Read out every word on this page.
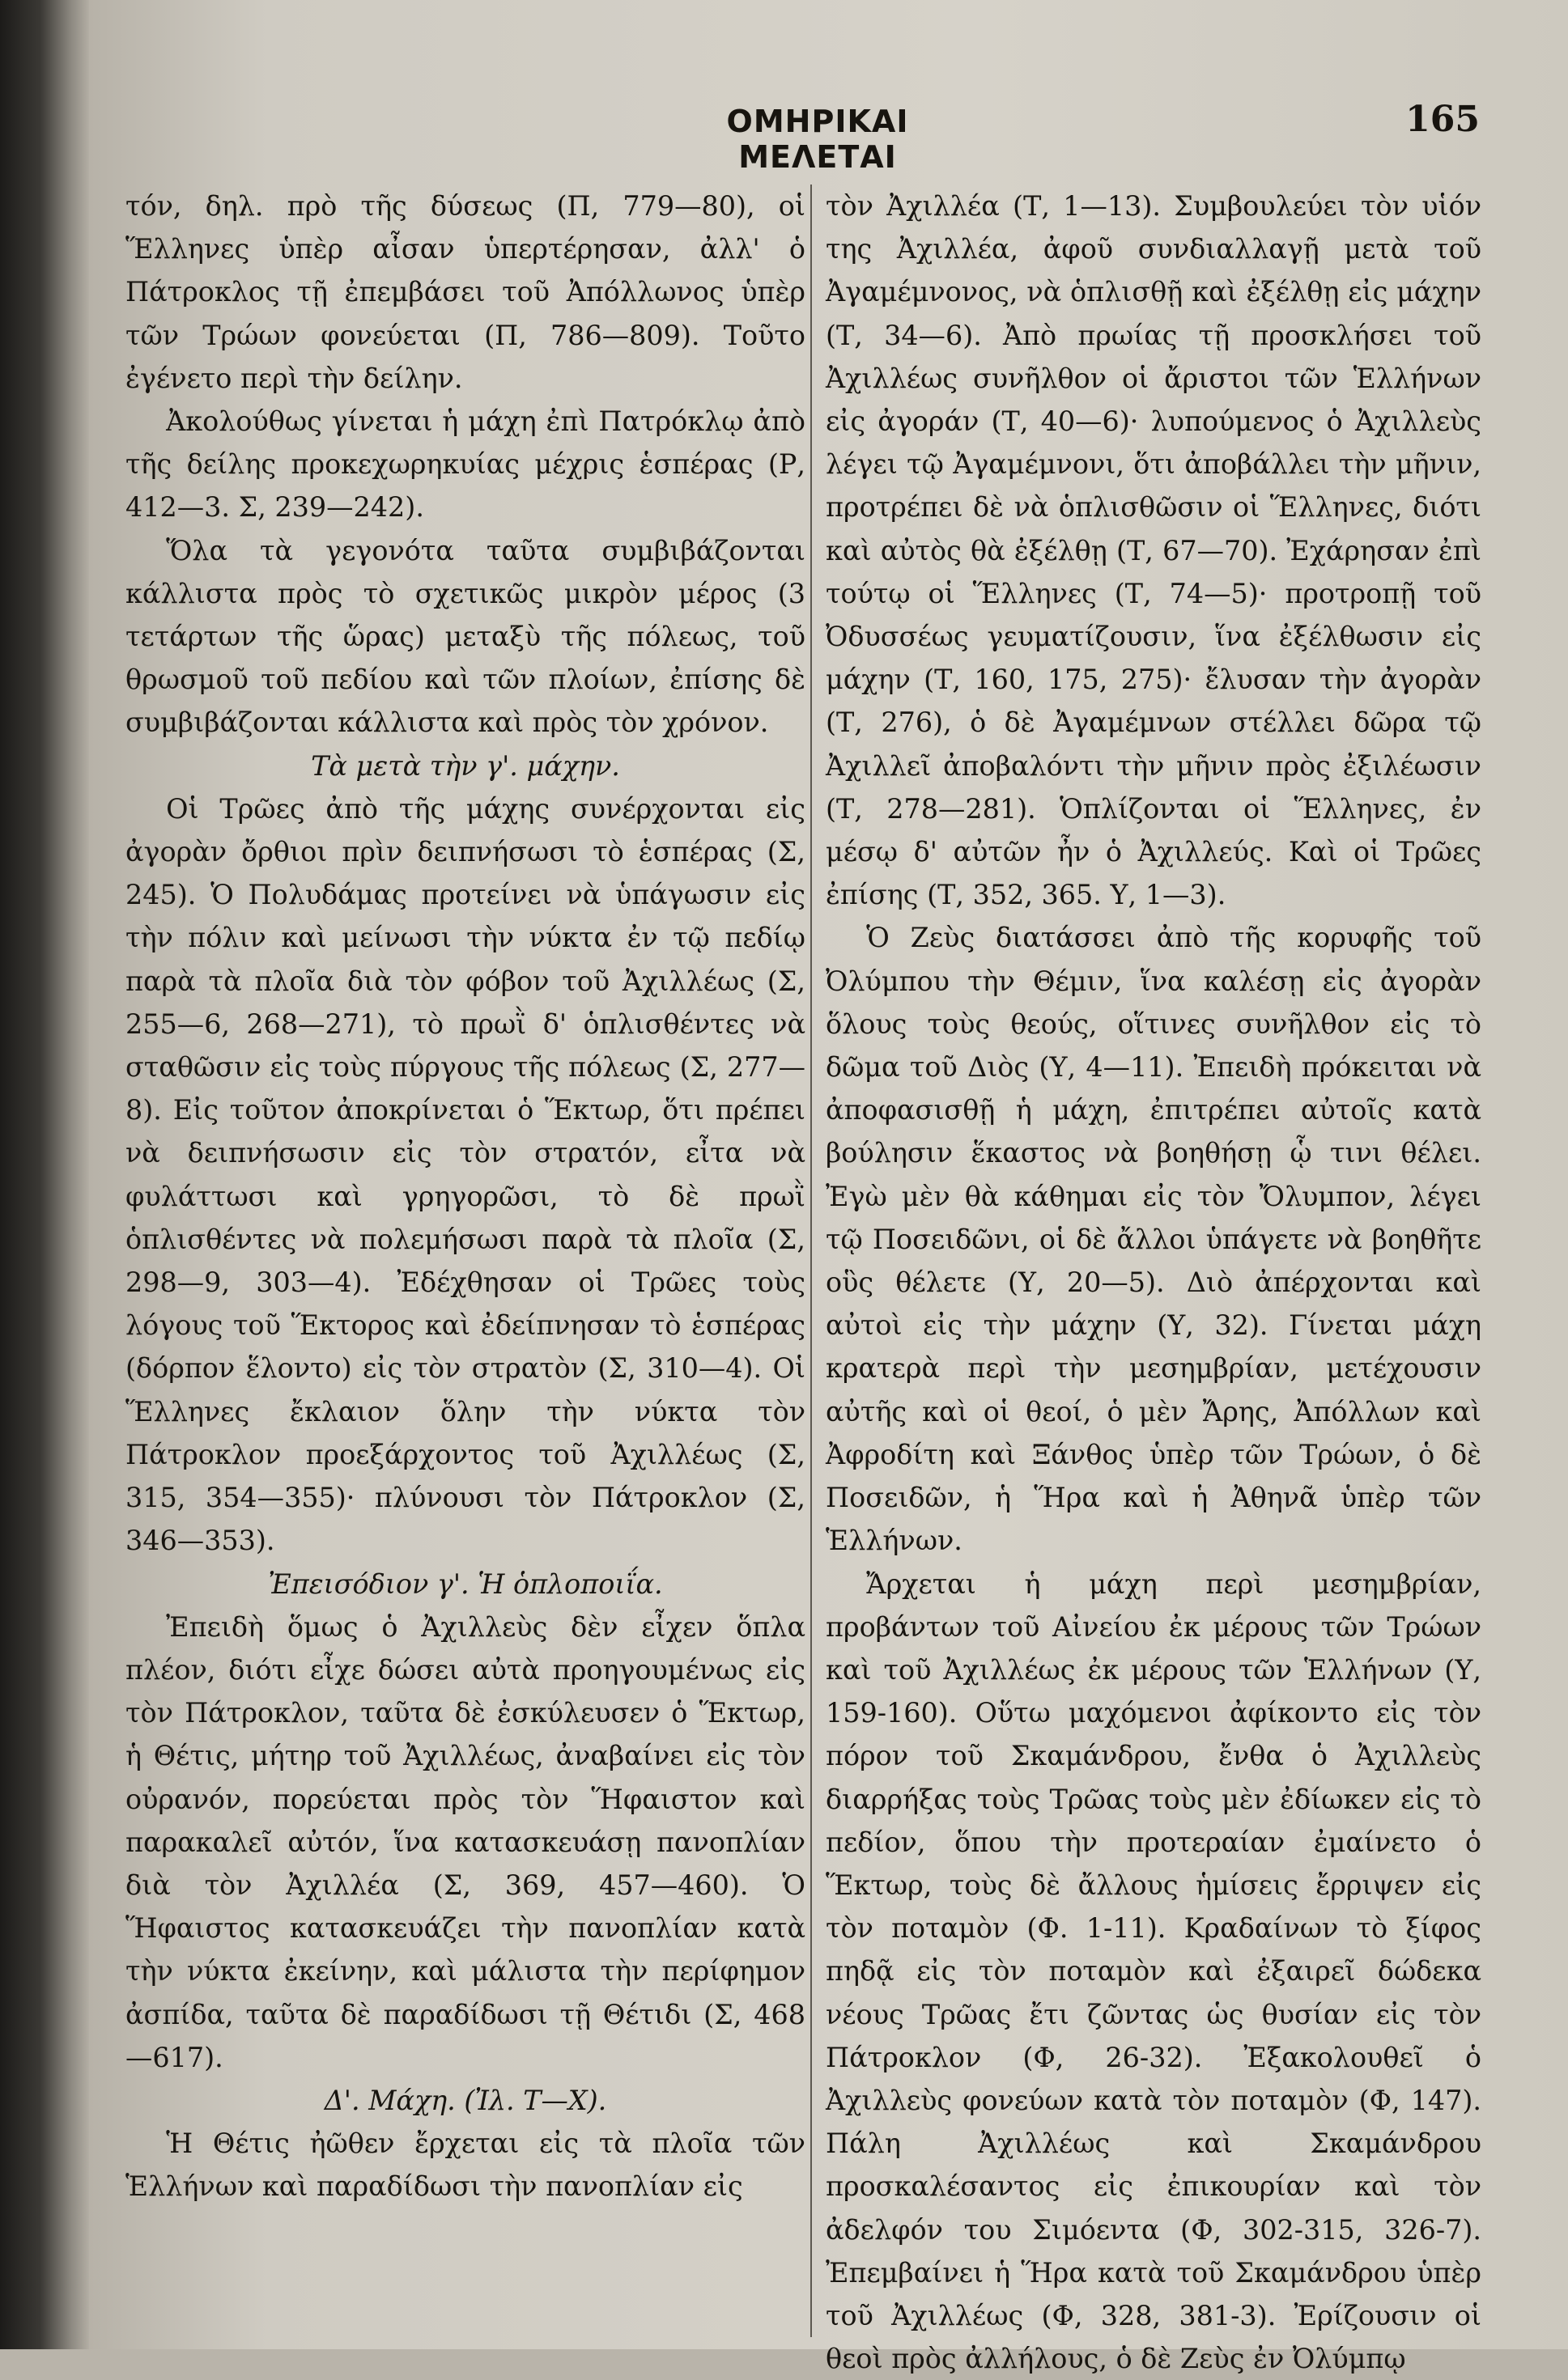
ΟΜΗΡΙΚΑΙ ΜΕΛΕΤΑΙ
165

τόν, δηλ. πρὸ τῆς δύσεως (Π, 779—80), οἱ Ἕλληνες ὑπὲρ αἶσαν ὑπερτέρησαν, ἀλλ' ὁ Πάτροκλος τῇ ἐπεμβάσει τοῦ Ἀπόλλωνος ὑπὲρ τῶν Τρώων φονεύεται (Π, 786—809). Τοῦτο ἐγένετο περὶ τὴν δείλην.

Ἀκολούθως γίνεται ἡ μάχη ἐπὶ Πατρόκλῳ ἀπὸ τῆς δείλης προκεχωρηκυίας μέχρις ἑσπέρας (Ρ, 412—3. Σ, 239—242).

Ὅλα τὰ γεγονότα ταῦτα συμβιβάζονται κάλλιστα πρὸς τὸ σχετικῶς μικρὸν μέρος (3 τετάρτων τῆς ὥρας) μεταξὺ τῆς πόλεως, τοῦ θρωσμοῦ τοῦ πεδίου καὶ τῶν πλοίων, ἐπίσης δὲ συμβιβάζονται κάλλιστα καὶ πρὸς τὸν χρόνον.

Τὰ μετὰ τὴν γ'. μάχην.

Οἱ Τρῶες ἀπὸ τῆς μάχης συνέρχονται εἰς ἀγορὰν ὄρθιοι πρὶν δειπνήσωσι τὸ ἑσπέρας (Σ, 245). Ὁ Πολυδάμας προτείνει νὰ ὑπάγωσιν εἰς τὴν πόλιν καὶ μείνωσι τὴν νύκτα ἐν τῷ πεδίῳ παρὰ τὰ πλοῖα διὰ τὸν φόβον τοῦ Ἀχιλλέως (Σ, 255—6, 268—271), τὸ πρωῒ δ' ὁπλισθέντες νὰ σταθῶσιν εἰς τοὺς πύργους τῆς πόλεως (Σ, 277—8). Εἰς τοῦτον ἀποκρίνεται ὁ Ἕκτωρ, ὅτι πρέπει νὰ δειπνήσωσιν εἰς τὸν στρατόν, εἶτα νὰ φυλάττωσι καὶ γρηγορῶσι, τὸ δὲ πρωῒ ὁπλισθέντες νὰ πολεμήσωσι παρὰ τὰ πλοῖα (Σ, 298—9, 303—4). Ἐδέχθησαν οἱ Τρῶες τοὺς λόγους τοῦ Ἕκτορος καὶ ἐδείπνησαν τὸ ἑσπέρας (δόρπον ἕλοντο) εἰς τὸν στρατὸν (Σ, 310—4). Οἱ Ἕλληνες ἔκλαιον ὅλην τὴν νύκτα τὸν Πάτροκλον προεξάρχοντος τοῦ Ἀχιλλέως (Σ, 315, 354—355)· πλύνουσι τὸν Πάτροκλον (Σ, 346—353).

Ἐπεισόδιον γ'. Ἡ ὁπλοποιΐα.

Ἐπειδὴ ὅμως ὁ Ἀχιλλεὺς δὲν εἶχεν ὅπλα πλέον, διότι εἶχε δώσει αὐτὰ προηγουμένως εἰς τὸν Πάτροκλον, ταῦτα δὲ ἐσκύλευσεν ὁ Ἕκτωρ, ἡ Θέτις, μήτηρ τοῦ Ἀχιλλέως, ἀναβαίνει εἰς τὸν οὐρανόν, πορεύεται πρὸς τὸν Ἥφαιστον καὶ παρακαλεῖ αὐτόν, ἵνα κατασκευάσῃ πανοπλίαν διὰ τὸν Ἀχιλλέα (Σ, 369, 457—460). Ὁ Ἥφαιστος κατασκευάζει τὴν πανοπλίαν κατὰ τὴν νύκτα ἐκείνην, καὶ μάλιστα τὴν περίφημον ἀσπίδα, ταῦτα δὲ παραδίδωσι τῇ Θέτιδι (Σ, 468—617).

Δ'. Μάχη. (Ἰλ. Τ—Χ).

Ἡ Θέτις ἠῶθεν ἔρχεται εἰς τὰ πλοῖα τῶν Ἑλλήνων καὶ παραδίδωσι τὴν πανοπλίαν εἰς

τὸν Ἀχιλλέα (Τ, 1—13). Συμβουλεύει τὸν υἱόν της Ἀχιλλέα, ἀφοῦ συνδιαλλαγῇ μετὰ τοῦ Ἀγαμέμνονος, νὰ ὁπλισθῇ καὶ ἐξέλθῃ εἰς μάχην (Τ, 34—6). Ἀπὸ πρωίας τῇ προσκλήσει τοῦ Ἀχιλλέως συνῆλθον οἱ ἄριστοι τῶν Ἑλλήνων εἰς ἀγοράν (Τ, 40—6)· λυπούμενος ὁ Ἀχιλλεὺς λέγει τῷ Ἀγαμέμνονι, ὅτι ἀποβάλλει τὴν μῆνιν, προτρέπει δὲ νὰ ὁπλισθῶσιν οἱ Ἕλληνες, διότι καὶ αὐτὸς θὰ ἐξέλθῃ (Τ, 67—70). Ἐχάρησαν ἐπὶ τούτῳ οἱ Ἕλληνες (Τ, 74—5)· προτροπῇ τοῦ Ὀδυσσέως γευματίζουσιν, ἵνα ἐξέλθωσιν εἰς μάχην (Τ, 160, 175, 275)· ἔλυσαν τὴν ἀγορὰν (Τ, 276), ὁ δὲ Ἀγαμέμνων στέλλει δῶρα τῷ Ἀχιλλεῖ ἀποβαλόντι τὴν μῆνιν πρὸς ἐξιλέωσιν (Τ, 278—281). Ὁπλίζονται οἱ Ἕλληνες, ἐν μέσῳ δ' αὐτῶν ἦν ὁ Ἀχιλλεύς. Καὶ οἱ Τρῶες ἐπίσης (Τ, 352, 365. Υ, 1—3).

Ὁ Ζεὺς διατάσσει ἀπὸ τῆς κορυφῆς τοῦ Ὀλύμπου τὴν Θέμιν, ἵνα καλέσῃ εἰς ἀγορὰν ὅλους τοὺς θεούς, οἵτινες συνῆλθον εἰς τὸ δῶμα τοῦ Διὸς (Υ, 4—11). Ἐπειδὴ πρόκειται νὰ ἀποφασισθῇ ἡ μάχη, ἐπιτρέπει αὐτοῖς κατὰ βούλησιν ἕκαστος νὰ βοηθήσῃ ᾧ τινι θέλει. Ἐγὼ μὲν θὰ κάθημαι εἰς τὸν Ὄλυμπον, λέγει τῷ Ποσειδῶνι, οἱ δὲ ἄλλοι ὑπάγετε νὰ βοηθῆτε οὓς θέλετε (Υ, 20—5). Διὸ ἀπέρχονται καὶ αὐτοὶ εἰς τὴν μάχην (Υ, 32). Γίνεται μάχη κρατερὰ περὶ τὴν μεσημβρίαν, μετέχουσιν αὐτῆς καὶ οἱ θεοί, ὁ μὲν Ἄρης, Ἀπόλλων καὶ Ἀφροδίτη καὶ Ξάνθος ὑπὲρ τῶν Τρώων, ὁ δὲ Ποσειδῶν, ἡ Ἥρα καὶ ἡ Ἀθηνᾶ ὑπὲρ τῶν Ἑλλήνων.

Ἄρχεται ἡ μάχη περὶ μεσημβρίαν, προβάντων τοῦ Αἰνείου ἐκ μέρους τῶν Τρώων καὶ τοῦ Ἀχιλλέως ἐκ μέρους τῶν Ἑλλήνων (Υ, 159-160). Οὕτω μαχόμενοι ἀφίκοντο εἰς τὸν πόρον τοῦ Σκαμάνδρου, ἔνθα ὁ Ἀχιλλεὺς διαρρήξας τοὺς Τρῶας τοὺς μὲν ἐδίωκεν εἰς τὸ πεδίον, ὅπου τὴν προτεραίαν ἐμαίνετο ὁ Ἕκτωρ, τοὺς δὲ ἄλλους ἡμίσεις ἔρριψεν εἰς τὸν ποταμὸν (Φ. 1-11). Κραδαίνων τὸ ξίφος πηδᾷ εἰς τὸν ποταμὸν καὶ ἐξαιρεῖ δώδεκα νέους Τρῶας ἔτι ζῶντας ὡς θυσίαν εἰς τὸν Πάτροκλον (Φ, 26-32). Ἐξακολουθεῖ ὁ Ἀχιλλεὺς φονεύων κατὰ τὸν ποταμὸν (Φ, 147). Πάλη Ἀχιλλέως καὶ Σκαμάνδρου προσκαλέσαντος εἰς ἐπικουρίαν καὶ τὸν ἀδελφόν του Σιμόεντα (Φ, 302-315, 326-7). Ἐπεμβαίνει ἡ Ἥρα κατὰ τοῦ Σκαμάνδρου ὑπὲρ τοῦ Ἀχιλλέως (Φ, 328, 381-3). Ἐρίζουσιν οἱ θεοὶ πρὸς ἀλλήλους, ὁ δὲ Ζεὺς ἐν Ὀλύμπῳ
